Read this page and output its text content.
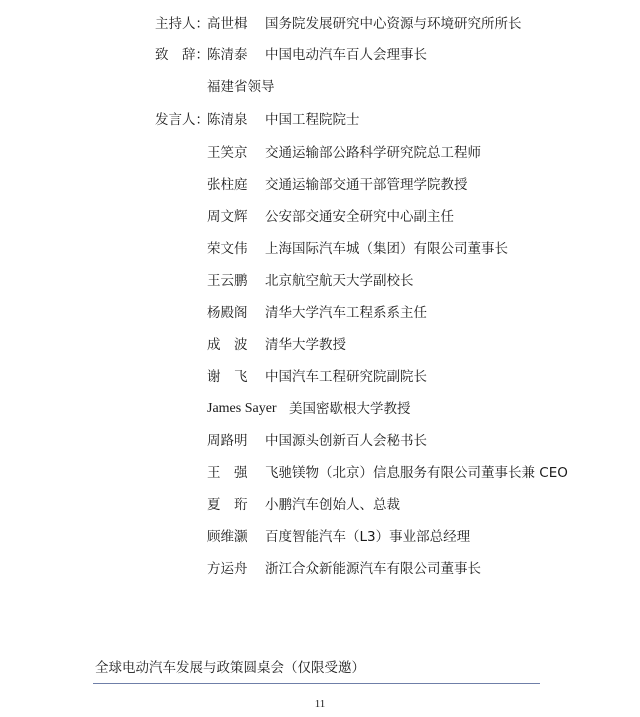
主持人：
高世楫 国务院发展研究中心资源与环境研究所所长
致　辞：
陈清泰 中国电动汽车百人会理事长
福建省领导
发言人：
陈清泉 中国工程院院士
王笑京 交通运输部公路科学研究院总工程师
张柱庭 交通运输部交通干部管理学院教授
周文辉 公安部交通安全研究中心副主任
荣文伟 上海国际汽车城（集团）有限公司董事长
王云鹏 北京航空航天大学副校长
杨殿阁 清华大学汽车工程系系主任
成　波 清华大学教授
谢　飞 中国汽车工程研究院副院长
James Sayer 美国密歇根大学教授
周路明 中国源头创新百人会秘书长
王　强 飞驰镁物（北京）信息服务有限公司董事长兼 CEO
夏　珩 小鹏汽车创始人、总裁
顾维灏 百度智能汽车（L3）事业部总经理
方运舟 浙江合众新能源汽车有限公司董事长
全球电动汽车发展与政策圆桌会（仅限受邀）
11
